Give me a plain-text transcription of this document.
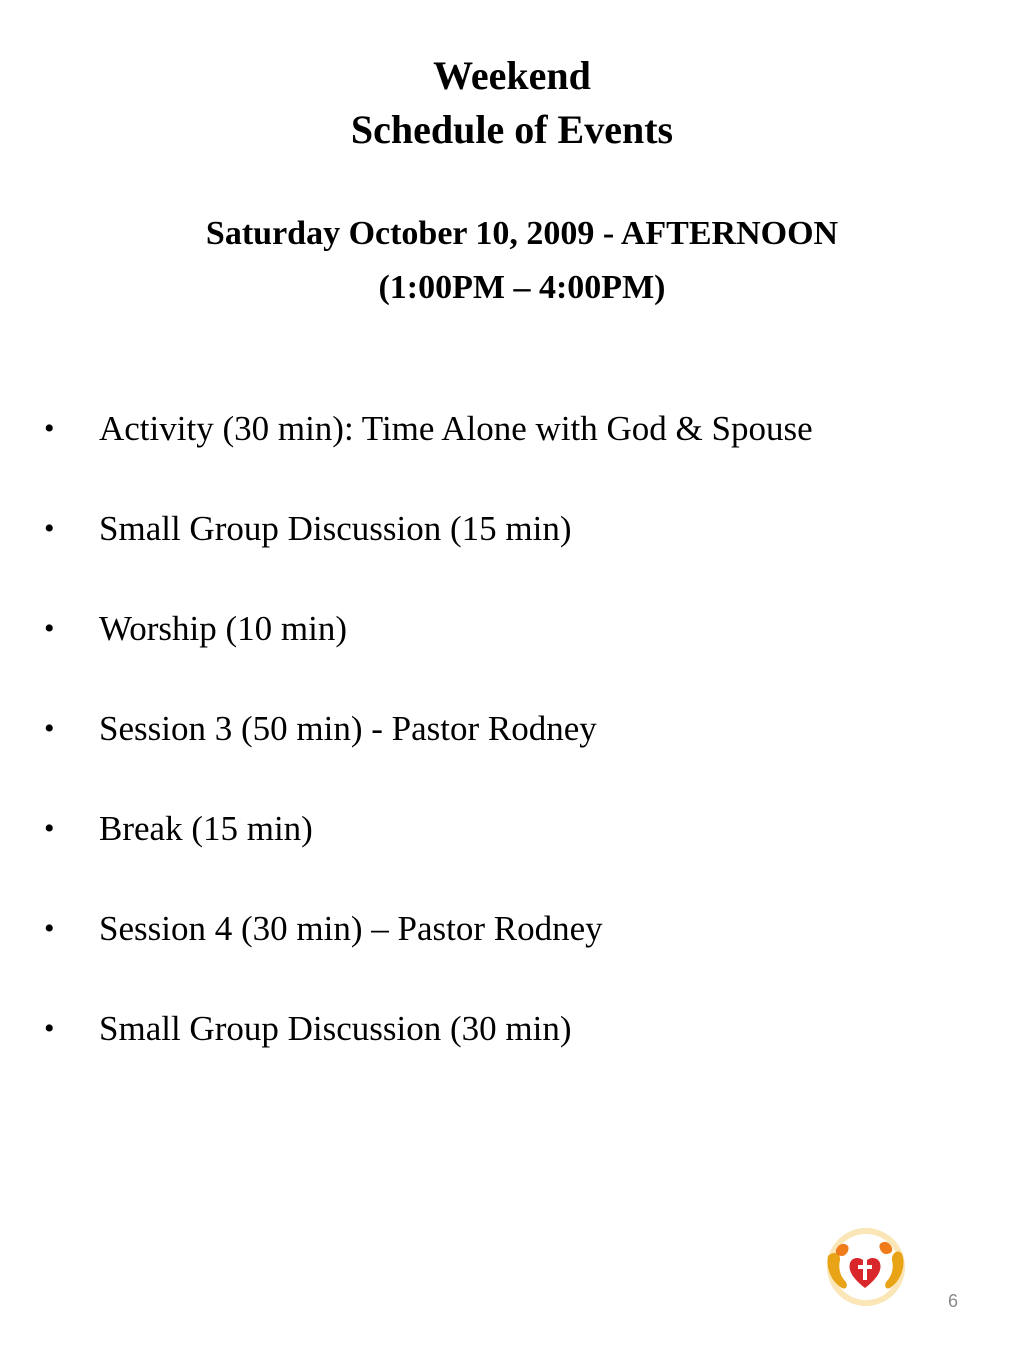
Weekend
Schedule of Events
Saturday October 10, 2009 - AFTERNOON
(1:00PM – 4:00PM)
• Activity (30 min): Time Alone with God & Spouse
• Small Group Discussion (15 min)
• Worship (10 min)
• Session 3 (50 min) - Pastor Rodney
• Break (15 min)
• Session 4 (30 min) – Pastor Rodney
• Small Group Discussion (30 min)
6
